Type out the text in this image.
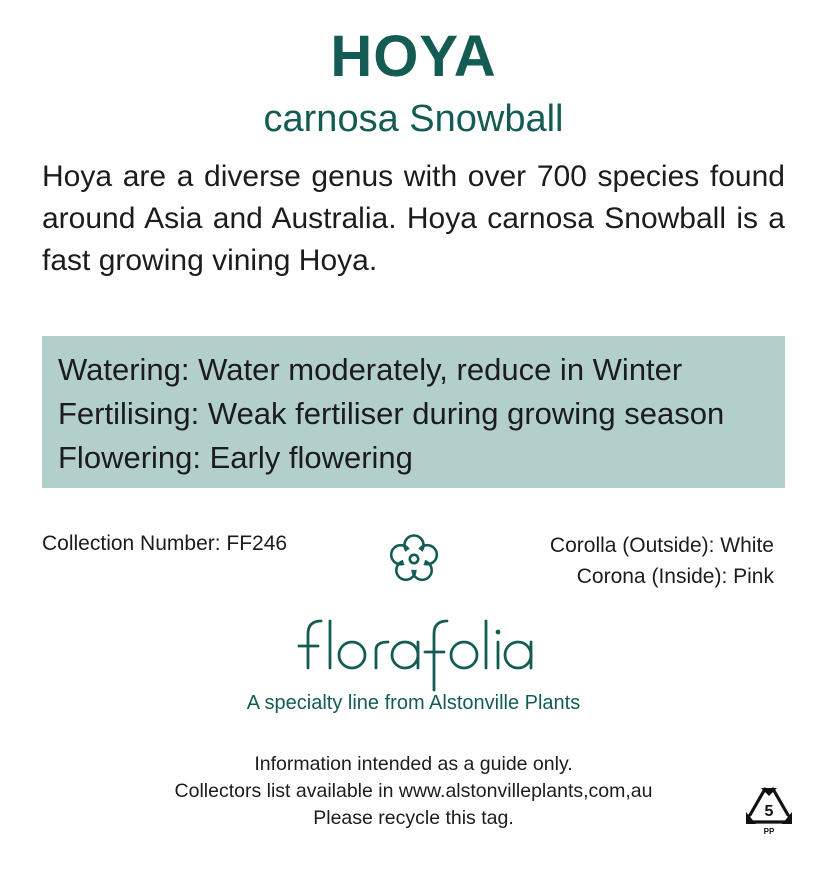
HOYA
carnosa Snowball
Hoya are a diverse genus with over 700 species found around Asia and Australia. Hoya carnosa Snowball is a fast growing vining Hoya.
Watering: Water moderately, reduce in Winter
Fertilising: Weak fertiliser during growing season
Flowering: Early flowering
Collection Number: FF246	Corolla (Outside): White
Corona (Inside): Pink
A specialty line from Alstonville Plants
Information intended as a guide only.
Collectors list available in www.alstonvilleplants,com,au
Please recycle this tag.	5
PP
